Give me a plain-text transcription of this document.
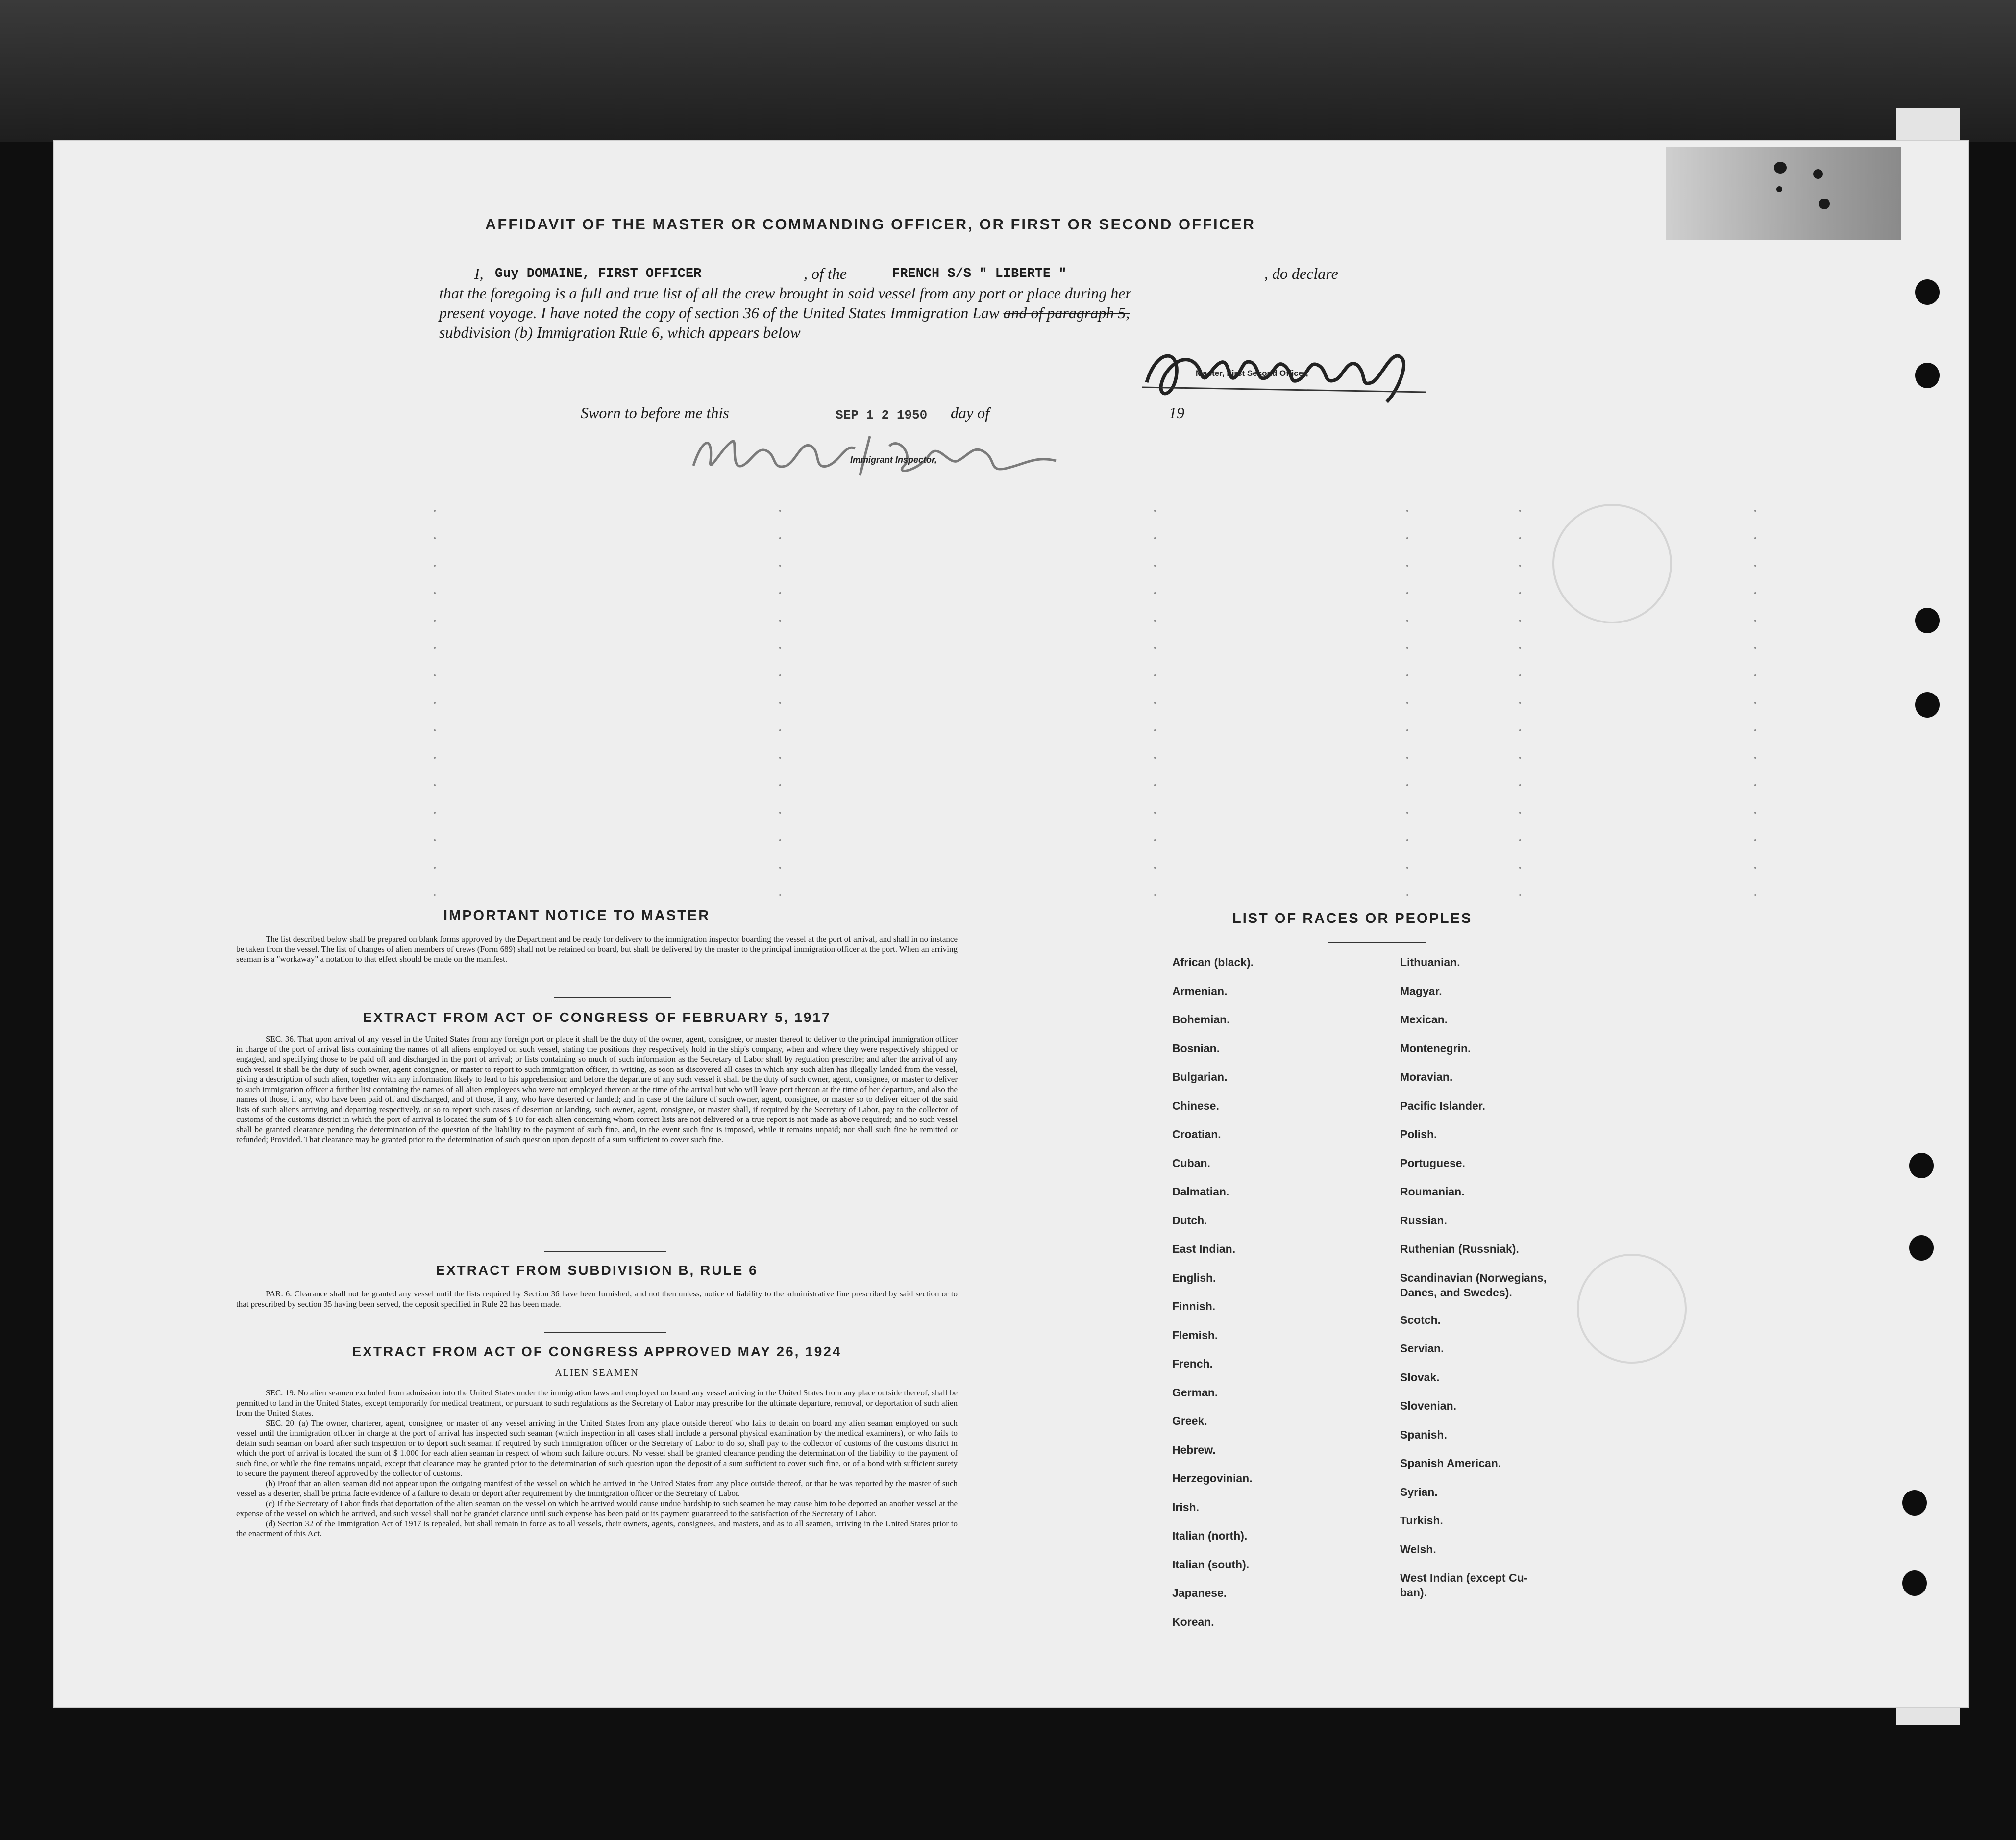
AFFIDAVIT OF THE MASTER OR COMMANDING OFFICER, OR FIRST OR SECOND OFFICER
I, Guy DOMAINE, FIRST OFFICER	, of the	FRENCH S/S " LIBERTE "	, do declare
that the foregoing is a full and true list of all the crew brought in said vessel from any port or place during her
present voyage. I have noted the copy of section 36 of the United States Immigration Law and of paragraph 5,
subdivision (b) Immigration Rule 6, which appears below
Master, First Second Officer,
Sworn to before me this	SEP 1 2 1950 day of	19
Immigrant Inspector,
IMPORTANT NOTICE TO MASTER
The list described below shall be prepared on blank forms approved by the Department and be ready for delivery to the immigration inspector boarding the vessel at the port of arrival, and shall in no instance be taken from the vessel. The list of changes of alien members of crews (Form 689) shall not be retained on board, but shall be delivered by the master to the principal immigration officer at the port. When an arriving seaman is a "workaway" a notation to that effect should be made on the manifest.
EXTRACT FROM ACT OF CONGRESS OF FEBRUARY 5, 1917
SEC. 36. That upon arrival of any vessel in the United States from any foreign port or place it shall be the duty of the owner, agent, consignee, or master thereof to deliver to the principal immigration officer in charge of the port of arrival lists containing the names of all aliens employed on such vessel, stating the positions they respectively hold in the ship's company, when and where they were respectively shipped or engaged, and specifying those to be paid off and discharged in the port of arrival; or lists containing so much of such information as the Secretary of Labor shall by regulation prescribe; and after the arrival of any such vessel it shall be the duty of such owner, agent consignee, or master to report to such immigration officer, in writing, as soon as discovered all cases in which any such alien has illegally landed from the vessel, giving a description of such alien, together with any information likely to lead to his apprehension; and before the departure of any such vessel it shall be the duty of such owner, agent, consignee, or master to deliver to such immigration officer a further list containing the names of all alien employees who were not employed thereon at the time of the arrival but who will leave port thereon at the time of her departure, and also the names of those, if any, who have been paid off and discharged, and of those, if any, who have deserted or landed; and in case of the failure of such owner, agent, consignee, or master so to deliver either of the said lists of such aliens arriving and departing respectively, or so to report such cases of desertion or landing, such owner, agent, consignee, or master shall, if required by the Secretary of Labor, pay to the collector of customs of the customs district in which the port of arrival is located the sum of $ 10 for each alien concerning whom correct lists are not delivered or a true report is not made as above required; and no such vessel shall be granted clearance pending the determination of the question of the liability to the payment of such fine, and, in the event such fine is imposed, while it remains unpaid; nor shall such fine be remitted or refunded; Provided. That clearance may be granted prior to the determination of such question upon deposit of a sum sufficient to cover such fine.
EXTRACT FROM SUBDIVISION B, RULE 6
PAR. 6. Clearance shall not be granted any vessel until the lists required by Section 36 have been furnished, and not then unless, notice of liability to the administrative fine prescribed by said section or to that prescribed by section 35 having been served, the deposit specified in Rule 22 has been made.
EXTRACT FROM ACT OF CONGRESS APPROVED MAY 26, 1924
ALIEN SEAMEN
SEC. 19. No alien seamen excluded from admission into the United States under the immigration laws and employed on board any vessel arriving in the United States from any place outside thereof, shall be permitted to land in the United States, except temporarily for medical treatment, or pursuant to such regulations as the Secretary of Labor may prescribe for the ultimate departure, removal, or deportation of such alien from the United States.
SEC. 20. (a) The owner, charterer, agent, consignee, or master of any vessel arriving in the United States from any place outside thereof who fails to detain on board any alien seaman employed on such vessel until the immigration officer in charge at the port of arrival has inspected such seaman (which inspection in all cases shall include a personal physical examination by the medical examiners), or who fails to detain such seaman on board after such inspection or to deport such seaman if required by such immigration officer or the Secretary of Labor to do so, shall pay to the collector of customs of the customs district in which the port of arrival is located the sum of $ 1.000 for each alien seaman in respect of whom such failure occurs. No vessel shall be granted clearance pending the determination of the liability to the payment of such fine, or while the fine remains unpaid, except that clearance may be granted prior to the determination of such question upon the deposit of a sum sufficient to cover such fine, or of a bond with sufficient surety to secure the payment thereof approved by the collector of customs.
(b) Proof that an alien seaman did not appear upon the outgoing manifest of the vessel on which he arrived in the United States from any place outside thereof, or that he was reported by the master of such vessel as a deserter, shall be prima facie evidence of a failure to detain or deport after requirement by the immigration officer or the Secretary of Labor.
(c) If the Secretary of Labor finds that deportation of the alien seaman on the vessel on which he arrived would cause undue hardship to such seamen he may cause him to be deported an another vessel at the expense of the vessel on which he arrived, and such vessel shall not be grandet clarance until such expense has been paid or its payment guaranteed to the satisfaction of the Secretary of Labor.
(d) Section 32 of the Immigration Act of 1917 is repealed, but shall remain in force as to all vessels, their owners, agents, consignees, and masters, and as to all seamen, arriving in the United States prior to the enactment of this Act.
LIST OF RACES OR PEOPLES
African (black).
Armenian.
Bohemian.
Bosnian.
Bulgarian.
Chinese.
Croatian.
Cuban.
Dalmatian.
Dutch.
East Indian.
English.
Finnish.
Flemish.
French.
German.
Greek.
Hebrew.
Herzegovinian.
Irish.
Italian (north).
Italian (south).
Japanese.
Korean.
Lithuanian.
Magyar.
Mexican.
Montenegrin.
Moravian.
Pacific Islander.
Polish.
Portuguese.
Roumanian.
Russian.
Ruthenian (Russniak).
Scandinavian (Norwegians,
Danes, and Swedes).
Scotch.
Servian.
Slovak.
Slovenian.
Spanish.
Spanish American.
Syrian.
Turkish.
Welsh.
West Indian (except Cu-
ban).
